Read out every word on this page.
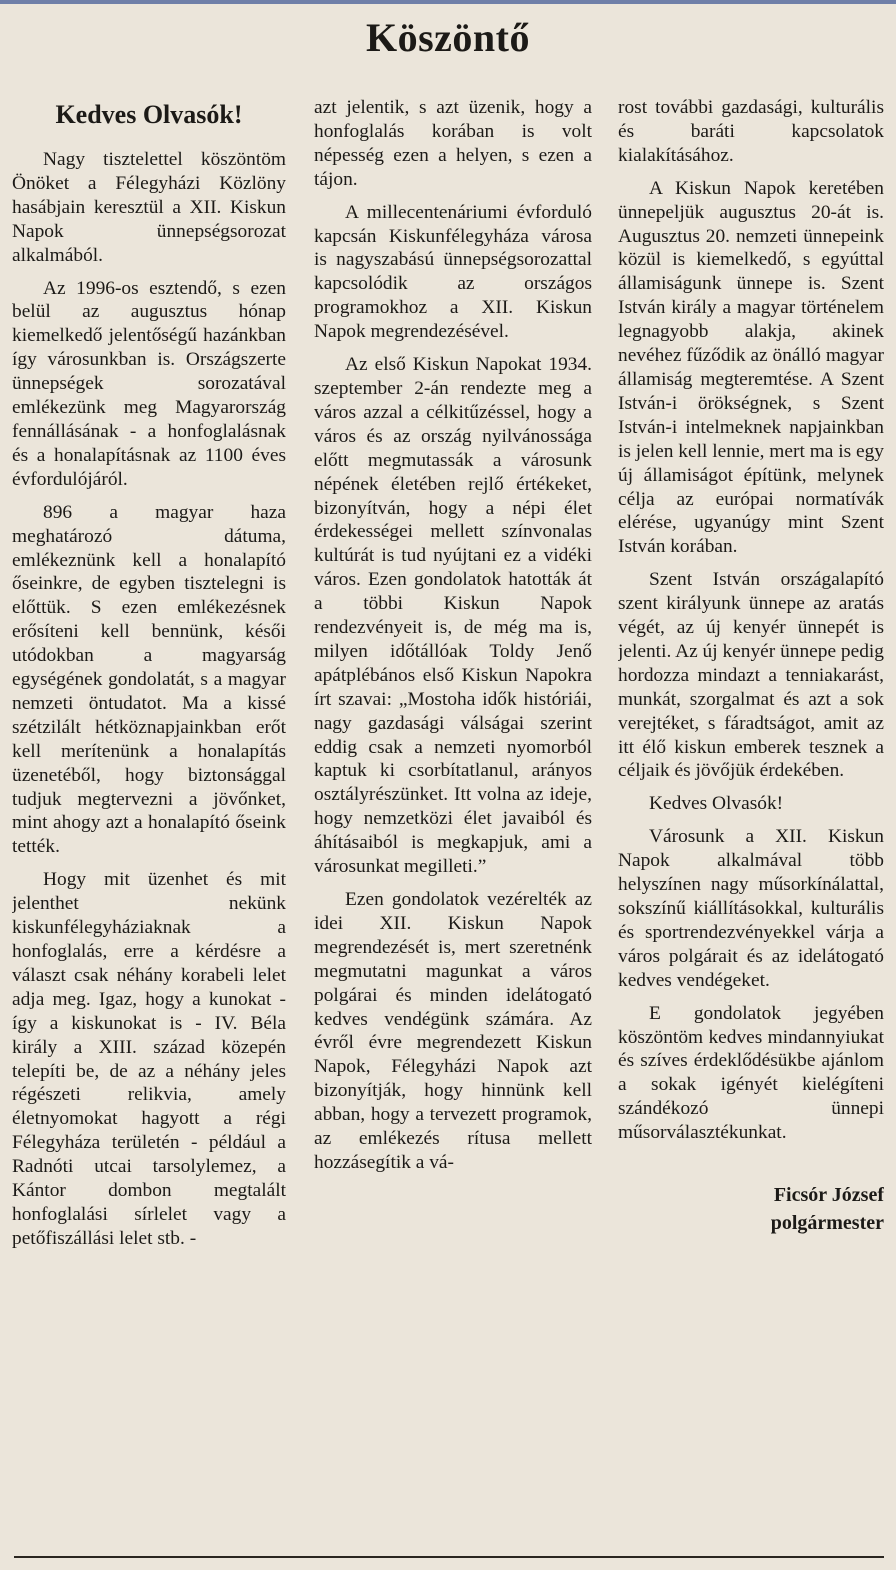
Köszöntő
Kedves Olvasók!

Nagy tisztelettel köszöntöm Önöket a Félegyházi Közlöny hasábjain keresztül a XII. Kiskun Napok ünnepségsorozat alkalmából.

Az 1996-os esztendő, s ezen belül az augusztus hónap kiemelkedő jelentőségű hazánkban így városunkban is. Országszerte ünnepségek sorozatával emlékezünk meg Magyarország fennállásának - a honfoglalásnak és a honalapításnak az 1100 éves évfordulójáról.

896 a magyar haza meghatározó dátuma, emlékeznünk kell a honalapító őseinkre, de egyben tisztelegni is előttük. S ezen emlékezésnek erősíteni kell bennünk, késői utódokban a magyarság egységének gondolatát, s a magyar nemzeti öntudatot. Ma a kissé szétzilált hétköznapjainkban erőt kell merítenünk a honalapítás üzenetéből, hogy biztonsággal tudjuk megtervezni a jövőnket, mint ahogy azt a honalapító őseink tették.

Hogy mit üzenhet és mit jelenthet nekünk kiskunfélegyháziaknak a honfoglalás, erre a kérdésre a választ csak néhány korabeli lelet adja meg. Igaz, hogy a kunokat - így a kiskunokat is - IV. Béla király a XIII. század közepén telepíti be, de az a néhány jeles régészeti relikvia, amely életnyomokat hagyott a régi Félegyháza területén - például a Radnóti utcai tarsolylemez, a Kántor dombon megtalált honfoglalási sírlelet vagy a petőfiszállási lelet stb. -

azt jelentik, s azt üzenik, hogy a honfoglalás korában is volt népesség ezen a helyen, s ezen a tájon.

A millecentenáriumi évforduló kapcsán Kiskunfélegyháza városa is nagyszabású ünnepségsorozattal kapcsolódik az országos programokhoz a XII. Kiskun Napok megrendezésével.

Az első Kiskun Napokat 1934. szeptember 2-án rendezte meg a város azzal a célkitűzéssel, hogy a város és az ország nyilvánossága előtt megmutassák a városunk népének életében rejlő értékeket, bizonyítván, hogy a népi élet érdekességei mellett színvonalas kultúrát is tud nyújtani ez a vidéki város. Ezen gondolatok hatották át a többi Kiskun Napok rendezvényeit is, de még ma is, milyen időtállóak Toldy Jenő apátplébános első Kiskun Napokra írt szavai: „Mostoha idők históriái, nagy gazdasági válságai szerint eddig csak a nemzeti nyomorból kaptuk ki csorbítatlanul, arányos osztályrészünket. Itt volna az ideje, hogy nemzetközi élet javaiból és áhításaiból is megkapjuk, ami a városunkat megilleti.”

Ezen gondolatok vezérelték az idei XII. Kiskun Napok megrendezését is, mert szeretnénk megmutatni magunkat a város polgárai és minden idelátogató kedves vendégünk számára. Az évről évre megrendezett Kiskun Napok, Félegyházi Napok azt bizonyítják, hogy hinnünk kell abban, hogy a tervezett programok, az emlékezés rítusa mellett hozzásegítik a vá-

rost további gazdasági, kulturális és baráti kapcsolatok kialakításához.

A Kiskun Napok keretében ünnepeljük augusztus 20-át is. Augusztus 20. nemzeti ünnepeink közül is kiemelkedő, s egyúttal államiságunk ünnepe is. Szent István király a magyar történelem legnagyobb alakja, akinek nevéhez fűződik az önálló magyar államiság megteremtése. A Szent István-i örökségnek, s Szent István-i intelmeknek napjainkban is jelen kell lennie, mert ma is egy új államiságot építünk, melynek célja az európai normatívák elérése, ugyanúgy mint Szent István korában.

Szent István országalapító szent királyunk ünnepe az aratás végét, az új kenyér ünnepét is jelenti. Az új kenyér ünnepe pedig hordozza mindazt a tenniakarást, munkát, szorgalmat és azt a sok verejtéket, s fáradtságot, amit az itt élő kiskun emberek tesznek a céljaik és jövőjük érdekében.

Kedves Olvasók!

Városunk a XII. Kiskun Napok alkalmával több helyszínen nagy műsorkínálattal, sokszínű kiállításokkal, kulturális és sportrendezvényekkel várja a város polgárait és az idelátogató kedves vendégeket.

E gondolatok jegyében köszöntöm kedves mindannyiukat és szíves érdeklődésükbe ajánlom a sokak igényét kielégíteni szándékozó ünnepi műsorválasztékunkat.

Ficsór József
polgármester
